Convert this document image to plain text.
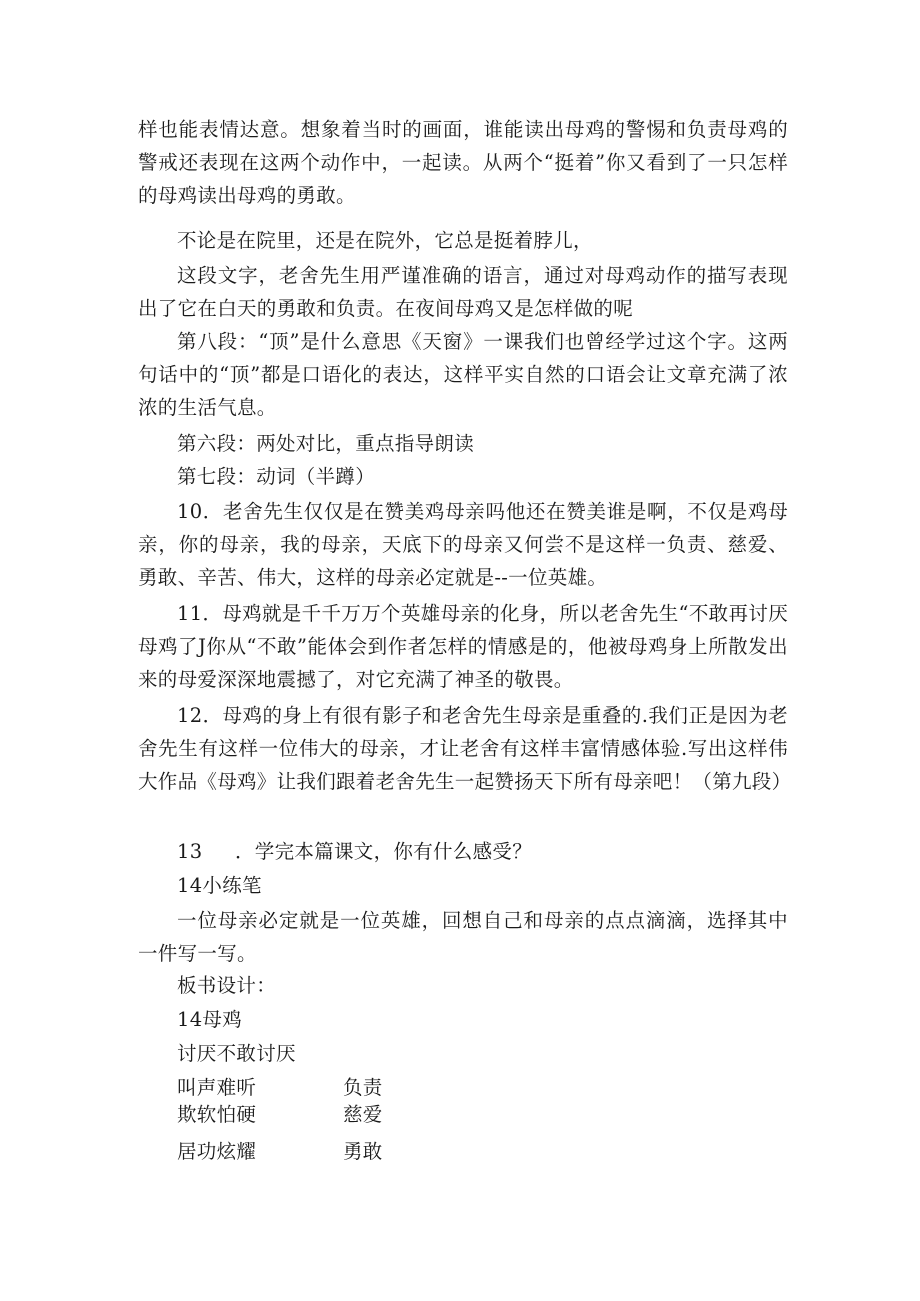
样也能表情达意。想象着当时的画面，谁能读出母鸡的警惕和负责母鸡的警戒还表现在这两个动作中，一起读。从两个“挺着”你又看到了一只怎样的母鸡读出母鸡的勇敢。

不论是在院里，还是在院外，它总是挺着脖儿，

这段文字，老舍先生用严谨准确的语言，通过对母鸡动作的描写表现出了它在白天的勇敢和负责。在夜间母鸡又是怎样做的呢

第八段：“顶”是什么意思《天窗》一课我们也曾经学过这个字。这两句话中的“顶”都是口语化的表达，这样平实自然的口语会让文章充满了浓浓的生活气息。

第六段：两处对比，重点指导朗读

第七段：动词（半蹲）

10．老舍先生仅仅是在赞美鸡母亲吗他还在赞美谁是啊，不仅是鸡母亲，你的母亲，我的母亲，天底下的母亲又何尝不是这样一负责、慈爱、勇敢、辛苦、伟大，这样的母亲必定就是--一位英雄。

11．母鸡就是千千万万个英雄母亲的化身，所以老舍先生“不敢再讨厌母鸡了J你从“不敢”能体会到作者怎样的情感是的，他被母鸡身上所散发出来的母爱深深地震撼了，对它充满了神圣的敬畏。

12．母鸡的身上有很有影子和老舍先生母亲是重叠的.我们正是因为老舍先生有这样一位伟大的母亲，才让老舍有这样丰富情感体验.写出这样伟大作品《母鸡》让我们跟着老舍先生一起赞扬天下所有母亲吧！（第九段）

13 ．学完本篇课文，你有什么感受？
14小练笔

一位母亲必定就是一位英雄，回想自己和母亲的点点滴滴，选择其中一件写一写。

板书设计：
14母鸡
讨厌不敢讨厌
叫声难听	负责
欺软怕硬	慈爱
居功炫耀	勇敢
